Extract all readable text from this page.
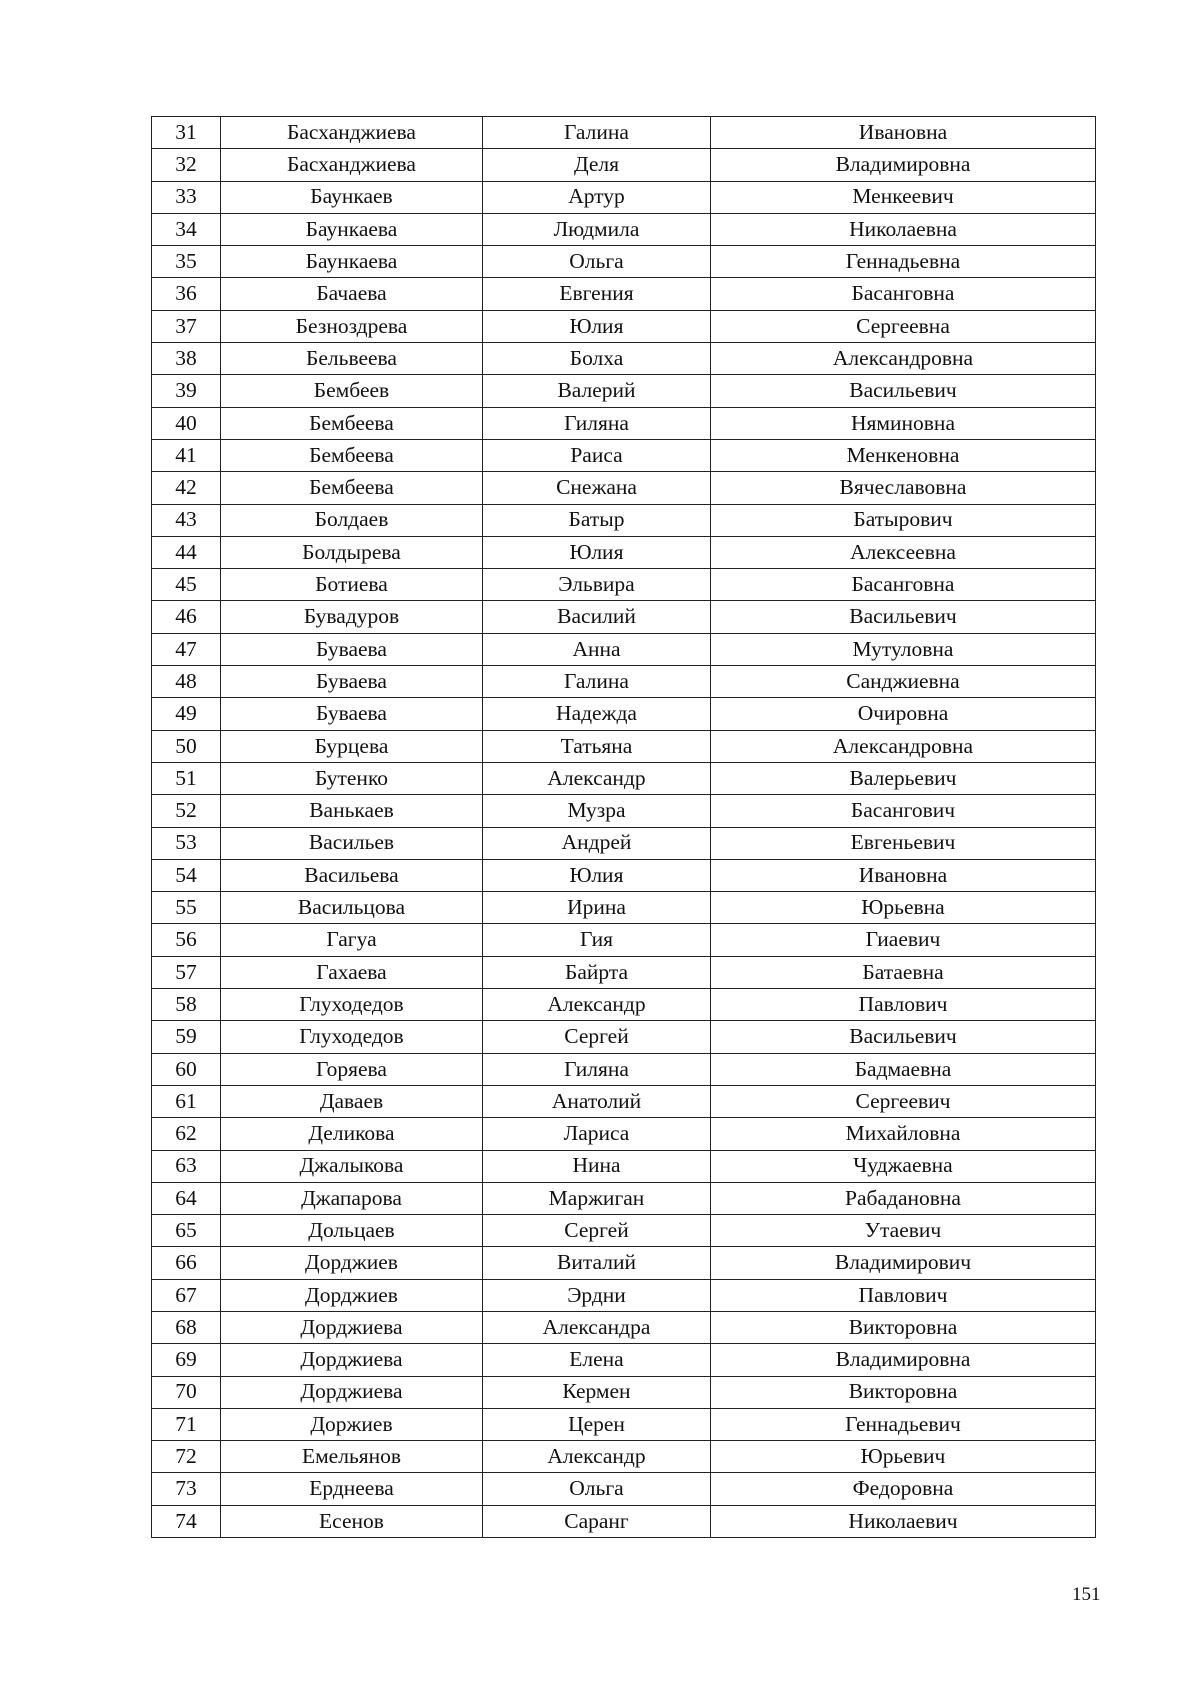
31	Басханджиева	Галина	Ивановна
32	Басханджиева	Деля	Владимировна
33	Баункаев	Артур	Менкеевич
34	Баункаева	Людмила	Николаевна
35	Баункаева	Ольга	Геннадьевна
36	Бачаева	Евгения	Басанговна
37	Безноздрева	Юлия	Сергеевна
38	Бельвеева	Болха	Александровна
39	Бембеев	Валерий	Васильевич
40	Бембеева	Гиляна	Няминовна
41	Бембеева	Раиса	Менкеновна
42	Бембеева	Снежана	Вячеславовна
43	Болдаев	Батыр	Батырович
44	Болдырева	Юлия	Алексеевна
45	Ботиева	Эльвира	Басанговна
46	Бувадуров	Василий	Васильевич
47	Буваева	Анна	Мутуловна
48	Буваева	Галина	Санджиевна
49	Буваева	Надежда	Очировна
50	Бурцева	Татьяна	Александровна
51	Бутенко	Александр	Валерьевич
52	Ванькаев	Музра	Басангович
53	Васильев	Андрей	Евгеньевич
54	Васильева	Юлия	Ивановна
55	Васильцова	Ирина	Юрьевна
56	Гагуа	Гия	Гиаевич
57	Гахаева	Байрта	Батаевна
58	Глуходедов	Александр	Павлович
59	Глуходедов	Сергей	Васильевич
60	Горяева	Гиляна	Бадмаевна
61	Даваев	Анатолий	Сергеевич
62	Деликова	Лариса	Михайловна
63	Джалыкова	Нина	Чуджаевна
64	Джапарова	Маржиган	Рабадановна
65	Дольцаев	Сергей	Утаевич
66	Дорджиев	Виталий	Владимирович
67	Дорджиев	Эрдни	Павлович
68	Дорджиева	Александра	Викторовна
69	Дорджиева	Елена	Владимировна
70	Дорджиева	Кермен	Викторовна
71	Доржиев	Церен	Геннадьевич
72	Емельянов	Александр	Юрьевич
73	Ерднеева	Ольга	Федоровна
74	Есенов	Саранг	Николаевич
151
